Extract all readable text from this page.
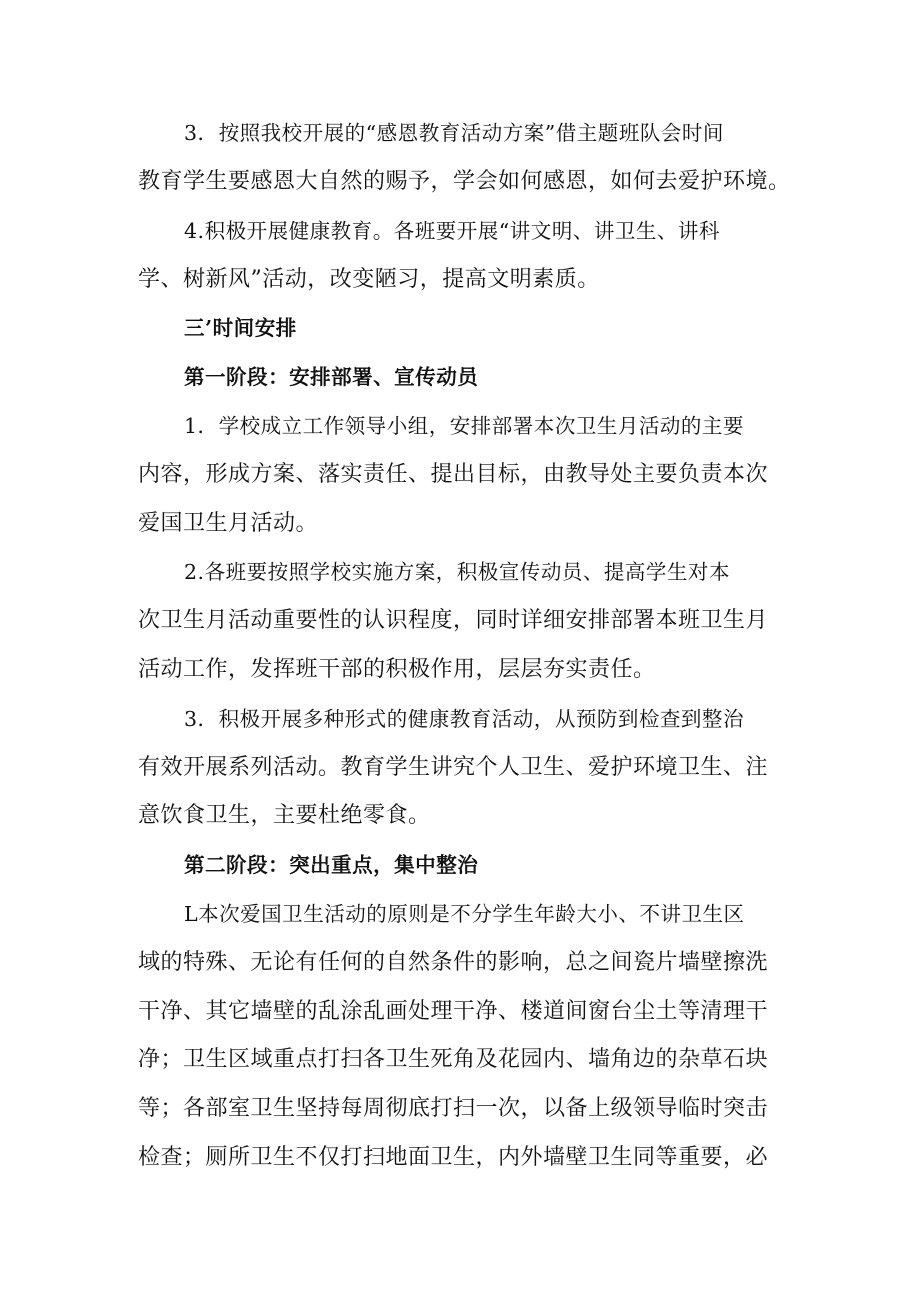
3．按照我校开展的“感恩教育活动方案”借主题班队会时间
教育学生要感恩大自然的赐予，学会如何感恩，如何去爱护环境。
4.积极开展健康教育。各班要开展“讲文明、讲卫生、讲科
学、树新风”活动，改变陋习，提高文明素质。
三’时间安排
第一阶段：安排部署、宣传动员
1．学校成立工作领导小组，安排部署本次卫生月活动的主要
内容，形成方案、落实责任、提出目标，由教导处主要负责本次
爱国卫生月活动。
2.各班要按照学校实施方案，积极宣传动员、提高学生对本
次卫生月活动重要性的认识程度，同时详细安排部署本班卫生月
活动工作，发挥班干部的积极作用，层层夯实责任。
3．积极开展多种形式的健康教育活动，从预防到检查到整治
有效开展系列活动。教育学生讲究个人卫生、爱护环境卫生、注
意饮食卫生，主要杜绝零食。
第二阶段：突出重点，集中整治
L本次爱国卫生活动的原则是不分学生年龄大小、不讲卫生区
域的特殊、无论有任何的自然条件的影响，总之间瓷片墙壁擦洗
干净、其它墙壁的乱涂乱画处理干净、楼道间窗台尘土等清理干
净；卫生区域重点打扫各卫生死角及花园内、墙角边的杂草石块
等；各部室卫生坚持每周彻底打扫一次，以备上级领导临时突击
检查；厕所卫生不仅打扫地面卫生，内外墙壁卫生同等重要，必
